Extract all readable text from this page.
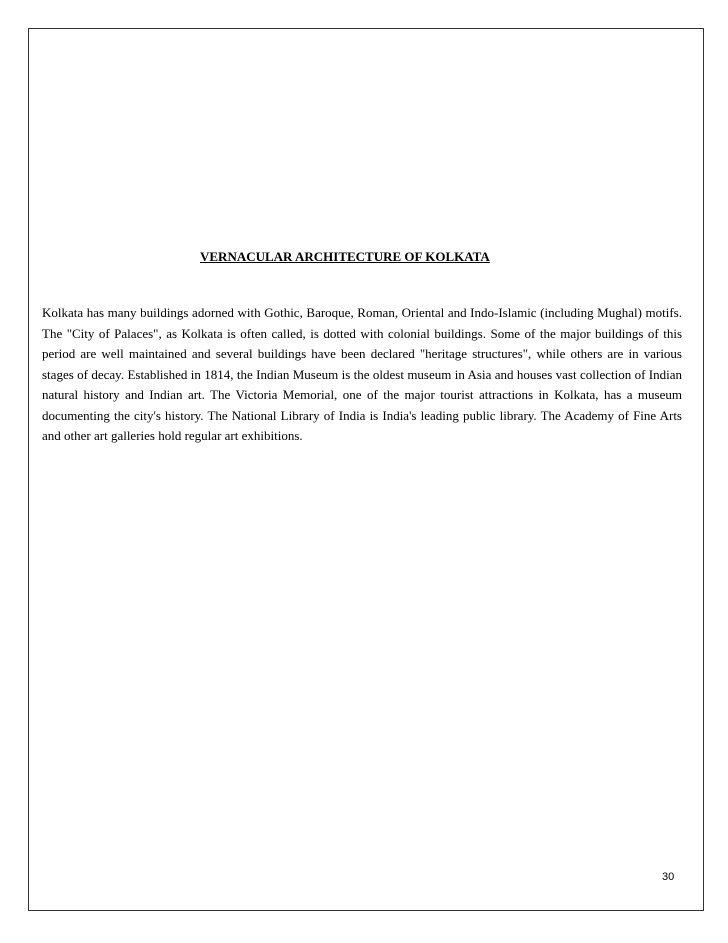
VERNACULAR ARCHITECTURE OF KOLKATA

Kolkata has many buildings adorned with Gothic, Baroque, Roman, Oriental and Indo-Islamic (including Mughal) motifs. The "City of Palaces", as Kolkata is often called, is dotted with colonial buildings. Some of the major buildings of this period are well maintained and several buildings have been declared "heritage structures", while others are in various stages of decay. Established in 1814, the Indian Museum is the oldest museum in Asia and houses vast collection of Indian natural history and Indian art. The Victoria Memorial, one of the major tourist attractions in Kolkata, has a museum documenting the city's history. The National Library of India is India's leading public library. The Academy of Fine Arts and other art galleries hold regular art exhibitions.

30
